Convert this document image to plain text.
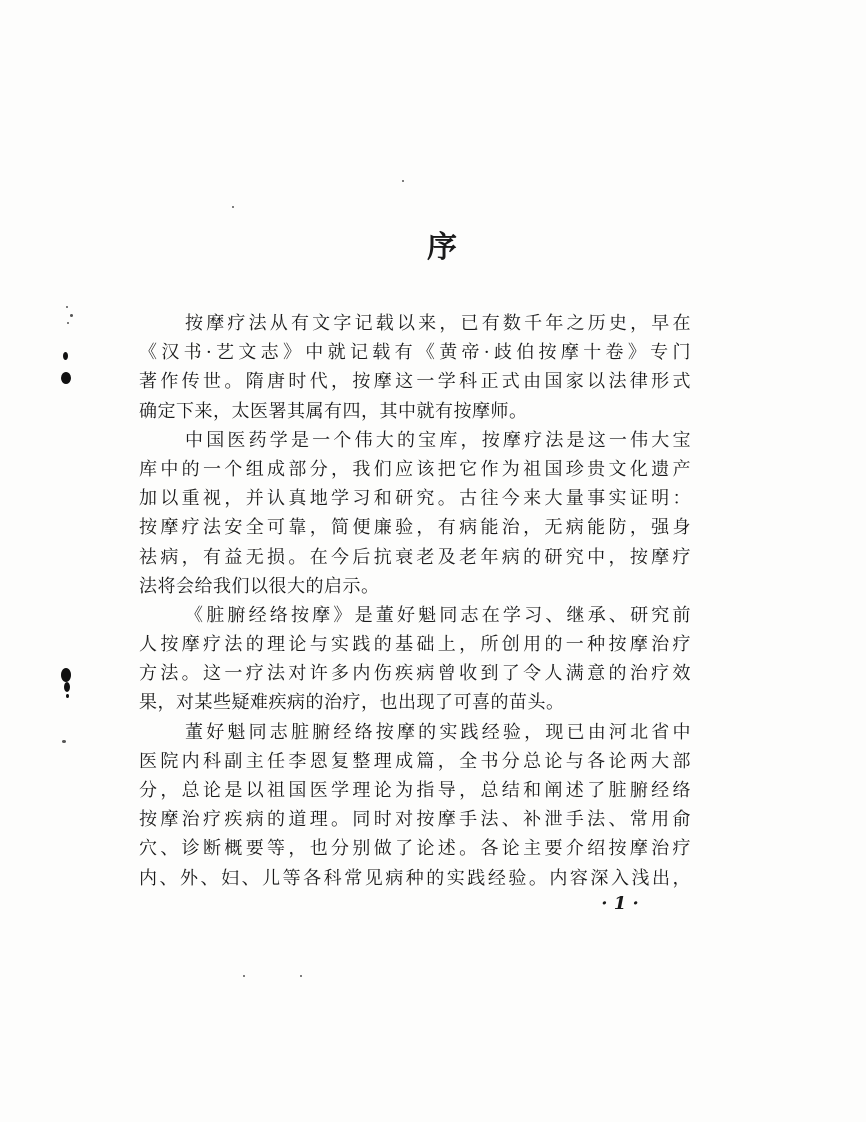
序
按摩疗法从有文字记载以来，已有数千年之历史，早在
《汉书·艺文志》中就记载有《黄帝·歧伯按摩十卷》专门
著作传世。隋唐时代，按摩这一学科正式由国家以法律形式
确定下来，太医署其属有四，其中就有按摩师。
中国医药学是一个伟大的宝库，按摩疗法是这一伟大宝
库中的一个组成部分，我们应该把它作为祖国珍贵文化遗产
加以重视，并认真地学习和研究。古往今来大量事实证明：
按摩疗法安全可靠，简便廉验，有病能治，无病能防，强身
祛病，有益无损。在今后抗衰老及老年病的研究中，按摩疗
法将会给我们以很大的启示。
《脏腑经络按摩》是董好魁同志在学习、继承、研究前
人按摩疗法的理论与实践的基础上，所创用的一种按摩治疗
方法。这一疗法对许多内伤疾病曾收到了令人满意的治疗效
果，对某些疑难疾病的治疗，也出现了可喜的苗头。
董好魁同志脏腑经络按摩的实践经验，现已由河北省中
医院内科副主任李恩复整理成篇，全书分总论与各论两大部
分，总论是以祖国医学理论为指导，总结和阐述了脏腑经络
按摩治疗疾病的道理。同时对按摩手法、补泄手法、常用俞
穴、诊断概要等，也分别做了论述。各论主要介绍按摩治疗
内、外、妇、儿等各科常见病种的实践经验。内容深入浅出，
· 1 ·
